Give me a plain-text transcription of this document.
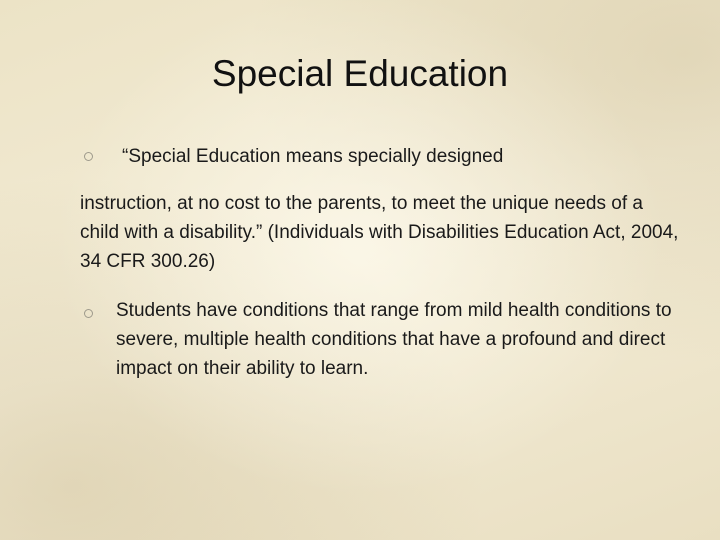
Special Education

“Special Education means specially designed

instruction, at no cost to the parents, to meet the unique needs of a child with a disability.” (Individuals with Disabilities Education Act, 2004, 34 CFR 300.26)

Students have conditions that range from mild health conditions to severe, multiple health conditions that have a profound and direct impact on their ability to learn.
